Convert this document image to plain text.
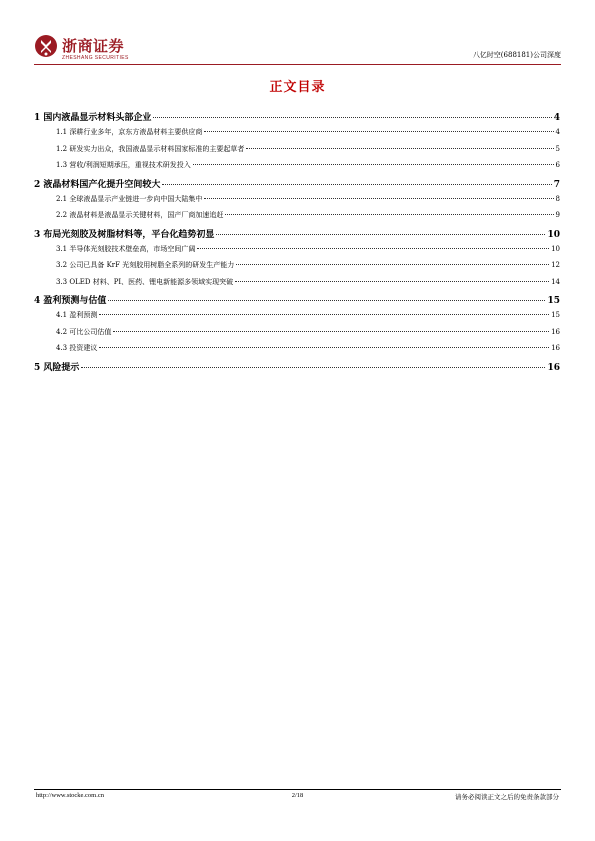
浙商证券
ZHESHANG SECURITIES	八亿时空(688181)公司深度
正文目录
1 国内液晶显示材料头部企业	4
1.1 深耕行业多年，京东方液晶材料主要供应商	4
1.2 研发实力出众，我国液晶显示材料国家标准的主要起草者	5
1.3 营收/利润短期承压，重视技术研发投入	6
2 液晶材料国产化提升空间较大	7
2.1 全球液晶显示产业链进一步向中国大陆集中	8
2.2 液晶材料是液晶显示关键材料，国产厂商加速追赶	9
3 布局光刻胶及树脂材料等，平台化趋势初显	10
3.1 半导体光刻胶技术壁垒高，市场空间广阔	10
3.2 公司已具备 KrF 光刻胶用树脂全系列的研发生产能力	12
3.3 OLED 材料、PI、医药、锂电新能源多领域实现突破	14
4 盈利预测与估值	15
4.1 盈利预测	15
4.2 可比公司估值	16
4.3 投资建议	16
5 风险提示	16
http://www.stocke.com.cn	2/18	请务必阅读正文之后的免责条款部分
